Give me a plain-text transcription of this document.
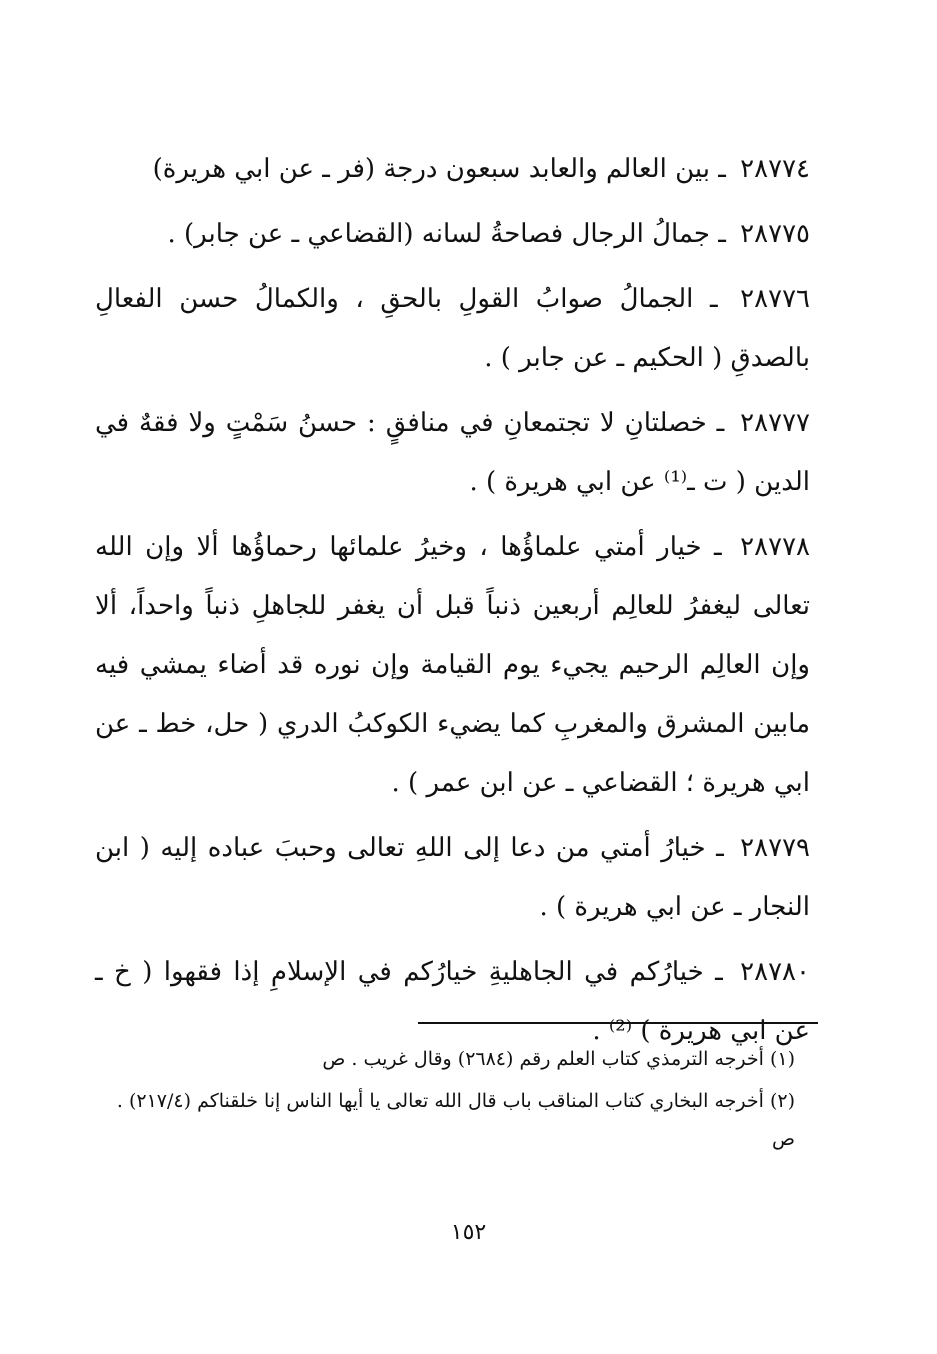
٢٨٧٧٤ ـ بين العالم والعابد سبعون درجة (فر ـ عن ابي هريرة)

٢٨٧٧٥ ـ جمالُ الرجال فصاحةُ لسانه (القضاعي ـ عن جابر) .

٢٨٧٧٦ ـ الجمالُ صوابُ القولِ بالحقِ ، والكمالُ حسن الفعالِ بالصدقِ ( الحكيم ـ عن جابر ) .

٢٨٧٧٧ ـ خصلتانِ لا تجتمعانِ في منافقٍ : حسنُ سَمْتٍ ولا فقهٌ في الدين ( ت ـ⁽¹⁾ عن ابي هريرة ) .

٢٨٧٧٨ ـ خيار أمتي علماؤُها ، وخيرُ علمائها رحماؤُها ألا وإن الله تعالى ليغفرُ للعالِم أربعين ذنباً قبل أن يغفر للجاهلِ ذنباً واحداً، ألا وإن العالِم الرحيم يجيء يوم القيامة وإن نوره قد أضاء يمشي فيه مابين المشرق والمغربِ كما يضيء الكوكبُ الدري ( حل، خط ـ عن ابي هريرة ؛ القضاعي ـ عن ابن عمر ) .

٢٨٧٧٩ ـ خيارُ أمتي من دعا إلى اللهِ تعالى وحببَ عباده إليه ( ابن النجار ـ عن ابي هريرة ) .

٢٨٧٨٠ ـ خيارُكم في الجاهليةِ خيارُكم في الإسلامِ إذا فقهوا ( خ ـ عن ابي هريرة ) ⁽²⁾ .

(١) أخرجه الترمذي كتاب العلم رقم (٢٦٨٤) وقال غريب . ص

(٢) أخرجه البخاري كتاب المناقب باب قال الله تعالى يا أيها الناس إنا خلقناكم (٢١٧/٤) . ص

١٥٢
